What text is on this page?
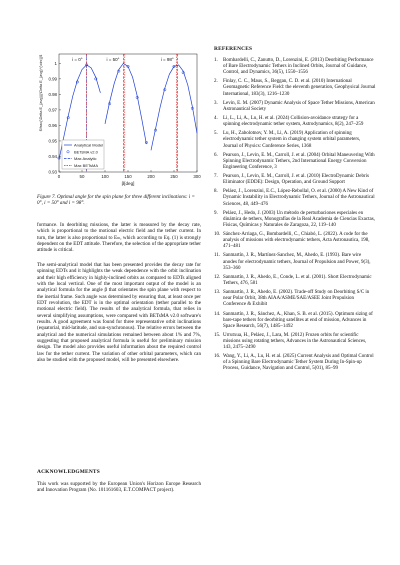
0	50	100	150	200	250	300
0.93
0.94
0.95
0.96
0.97
0.98
0.99
1
β[deg]
$\frac{\Delta E_{avg}}{\Delta E_{avg}^{\circ}}$	i = 0°	i = 50°	i = 98°
Analytical Model
BETsMA v2.0
Max Analytic
Max BETsMA
Figure 7. Optimal angle for the spin plane for three different inclinations: i = 0°, i = 50° and i = 98°.

formance. In deorbiting missions, the latter is measured by the decay rate, which is proportional to the motional electric field and the tether current. In turn, the latter is also proportional to Eₘ, which according to Eq. (1) is strongly dependent on the EDT attitude. Therefore, the selection of the appropriate tether attitude is critical.

The semi-analytical model that has been presented provides the decay rate for spinning EDTs and it highlights the weak dependence with the orbit inclination and their high efficiency in highly-inclined orbits as compared to EDTs aligned with the local vertical. One of the most important output of the model is an analytical formula for the angle β that orientates the spin plane with respect to the inertial frame. Such angle was determined by ensuring that, at least once per EDT revolution, the EDT is in the optimal orientation (tether parallel to the motional electric field). The results of the analytical formula, that relies in several simplifying assumptions, were compared with BETsMA v2.0 software's results. A good agreement was found for three representative orbit inclinations (equatorial, mid-latitude, and sun-synchronous). The relative errors between the analytical and the numerical simulations remained between about 1% and 7%, suggesting that proposed analytical formula is useful for preliminary mission design. The model also provides useful information about the required control law for the tether current. The variation of other orbital parameters, which can also be studied with the proposed model, will be presented elsewhere.

ACKNOWLEDGMENTS

This work was supported by the European Union's Horizon Europe Research and Innovation Program (No. 101161603, E.T.COMPACT project).

REFERENCES
1. Bombardelli, C., Zanutto, D., Lorenzini, E. (2013) Deorbiting Performance of Bare Electrodynamic Tethers in Inclined Orbits, Journal of Guidance, Control, and Dynamics, 36(5), 1550–1556
2. Finlay, C. C., Maus, S., Beggan, C. D. et al. (2010) International Geomagnetic Reference Field: the eleventh generation, Geophysical Journal International, 183(3), 1216–1230
3. Levin, E. M. (2007) Dynamic Analysis of Space Tether Missions, American Astronautical Society
4. Li, L., Li, A., Lu, H. et al. (2024) Collision-avoidance strategy for a spinning electrodynamic tether system, Astrodynamics, 8(2), 247–259
5. Lu, H., Zabolotnov, Y. M., Li, A. (2019) Application of spinning electrodynamic tether system in changing system orbital parameters, Journal of Physics: Conference Series, 1368
6. Pearson, J., Levin, E. M., Carroll, J. et al. (2004) Orbital Maneuvering With Spinning Electrodynamic Tethers, 2nd International Energy Conversion Engineering Conference, 3
7. Pearson, J., Levin, E. M., Carroll, J. et al. (2010) ElectroDynamic Debris Eliminator (EDDE): Design, Operation, and Ground Support
8. Peláez, J., Lorenzini, E.C., López-Rebollal, O. et al. (2000) A New Kind of Dynamic Instability in Electrodynamic Tethers, Journal of the Astronautical Sciences, 48, 449–476
9. Peláez, J., Hedo, J. (2003) Un método de perturbaciones especiales en dinámica de tethers, Monografías de la Real Academia de Ciencias Exactas, Físicas, Químicas y Naturales de Zaragoza, 22, 119–140
10. Sánchez-Arriaga, G., Bombardelli, C., Chiabó, L. (2022). A code for the analysis of missions with electrodynamic tethers, Acta Astronautica, 198, 471–481
11. Sanmartín, J. R., Martínez-Sanchez, M., Ahedo, E. (1993). Bare wire anodes for electrodynamic tethers, Journal of Propulsion and Power, 9(3), 353–360
12. Sanmartín, J. R., Ahedo, E., Conde, L. et al. (2001). Short Electrodynamic Tethers, 476, 581
13. Sanmartín, J. R., Ahedo, E. (2002). Trade-off Study on Deorbiting S/C in near Polar Orbit, 38th AIAA/ASME/SAE/ASEE Joint Propulsion Conference & Exhibit
14. Sanmartín, J. R., Sánchez, A., Khan, S. B. et al. (2015). Optimum sizing of bare-tape tethers for deorbiting satellites at end of mission, Advances in Space Research, 56(7), 1485–1492
15. Urrutxua, H., Peláez, J., Lara, M. (2012) Frozen orbits for scientific missions using rotating tethers, Advances in the Astronautical Sciences, 143, 2475–2490
16. Wang, Y., Li, A., Lu, H. et al. (2025) Current Analysis and Optimal Control of a Spinning Bare Electrodynamic Tether System During In-Spin-up Process, Guidance, Navigation and Control, 5(01), 85–99
